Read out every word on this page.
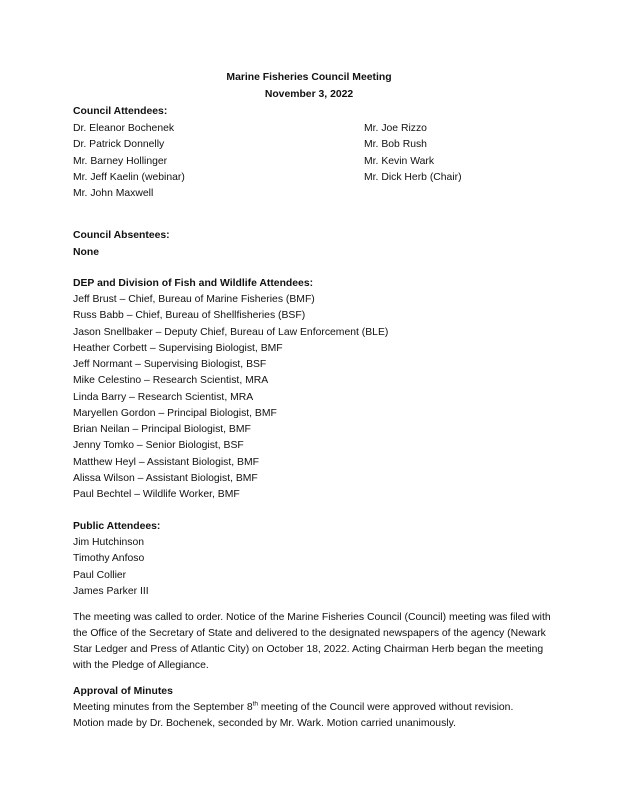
Marine Fisheries Council Meeting
November 3, 2022
Council Attendees:
Dr. Eleanor Bochenek
Dr. Patrick Donnelly
Mr. Barney Hollinger
Mr. Jeff Kaelin (webinar)
Mr. John Maxwell
Mr. Joe Rizzo
Mr. Bob Rush
Mr. Kevin Wark
Mr. Dick Herb (Chair)
Council Absentees:
None
DEP and Division of Fish and Wildlife Attendees:
Jeff Brust – Chief, Bureau of Marine Fisheries (BMF)
Russ Babb – Chief, Bureau of Shellfisheries (BSF)
Jason Snellbaker – Deputy Chief, Bureau of Law Enforcement (BLE)
Heather Corbett – Supervising Biologist, BMF
Jeff Normant – Supervising Biologist, BSF
Mike Celestino – Research Scientist, MRA
Linda Barry – Research Scientist, MRA
Maryellen Gordon – Principal Biologist, BMF
Brian Neilan – Principal Biologist, BMF
Jenny Tomko – Senior Biologist, BSF
Matthew Heyl – Assistant Biologist, BMF
Alissa Wilson – Assistant Biologist, BMF
Paul Bechtel – Wildlife Worker, BMF
Public Attendees:
Jim Hutchinson
Timothy Anfoso
Paul Collier
James Parker III
The meeting was called to order. Notice of the Marine Fisheries Council (Council) meeting was filed with
the Office of the Secretary of State and delivered to the designated newspapers of the agency (Newark
Star Ledger and Press of Atlantic City) on October 18, 2022. Acting Chairman Herb began the meeting
with the Pledge of Allegiance.
Approval of Minutes
Meeting minutes from the September 8th meeting of the Council were approved without revision.
Motion made by Dr. Bochenek, seconded by Mr. Wark. Motion carried unanimously.
